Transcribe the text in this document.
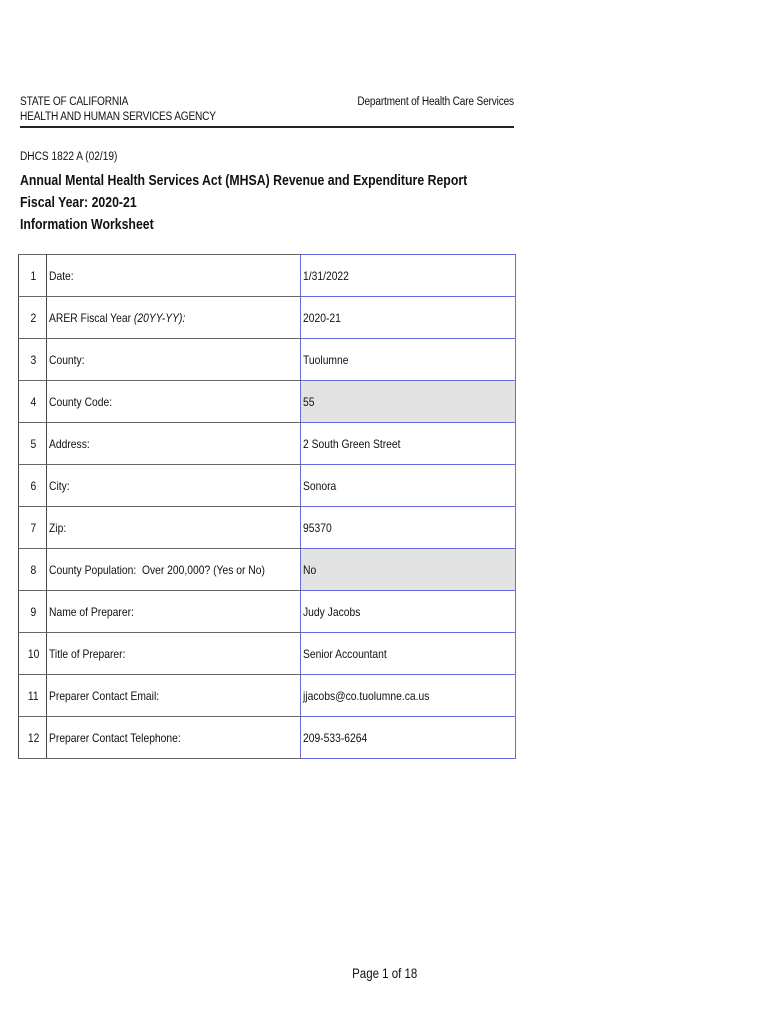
STATE OF CALIFORNIA
HEALTH AND HUMAN SERVICES AGENCY
Department of Health Care Services
DHCS 1822 A (02/19)
Annual Mental Health Services Act (MHSA) Revenue and Expenditure Report
Fiscal Year: 2020-21
Information Worksheet
1	Date:	1/31/2022
2	ARER Fiscal Year (20YY-YY):	2020-21
3	County:	Tuolumne
4	County Code:	55
5	Address:	2 South Green Street
6	City:	Sonora
7	Zip:	95370
8	County Population:  Over 200,000? (Yes or No)	No
9	Name of Preparer:	Judy Jacobs
10	Title of Preparer:	Senior Accountant
11	Preparer Contact Email:	jjacobs@co.tuolumne.ca.us
12	Preparer Contact Telephone:	209-533-6264
Page 1 of 18
